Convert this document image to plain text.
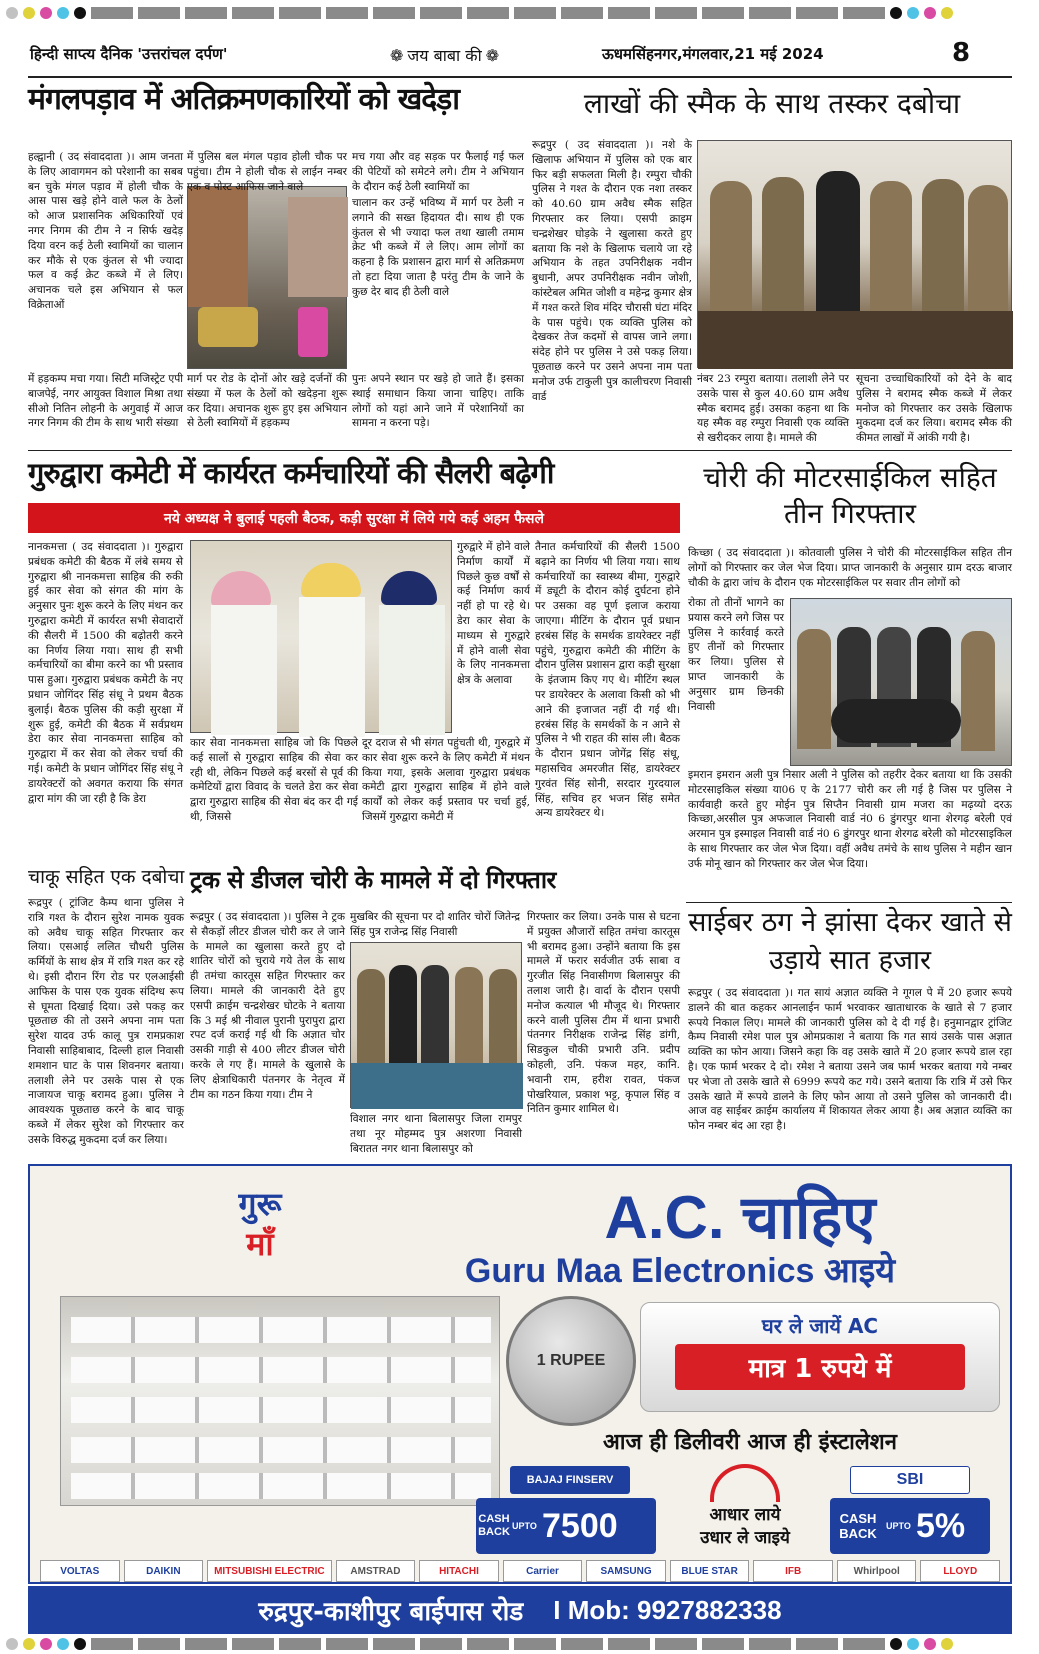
हिन्दी साप्त्य दैनिक 'उत्तरांचल दर्पण'	❁ जय बाबा की ❁	ऊधमसिंहनगर,मंगलवार,21 मई 2024	8
मंगलपड़ाव में अतिक्रमणकारियों को खदेड़ा

हल्द्वानी ( उद संवाददाता )। आम जनता के लिए आवागमन को परेशानी का सबब बन चुके मंगल पड़ाव में होली चौक के आस पास खड़े होने वाले फल के ठेलों को आज प्रशासनिक अधिकारियों एवं नगर निगम की टीम ने न सिर्फ खदेड़ दिया वरन कई ठेली स्वामियों का चालान कर मौके से एक कुंतल से भी ज्यादा फल व कई क्रेट कब्जे में ले लिए। अचानक चले इस अभियान से फल विक्रेताओं

में हड़कम्प मचा गया। सिटी मजिस्ट्रेट एपी बाजपेई, नगर आयुक्त विशाल मिश्रा तथा सीओ नितिन लोहनी के अगुवाई में आज नगर निगम की टीम के साथ भारी संख्या

में पुलिस बल मंगल पड़ाव होली चौक पर पहुंचा। टीम ने होली चौक से लाईन नम्बर एक व पोस्ट आफिस जाने वाले

मार्ग पर रोड के दोनों ओर खड़े दर्जनों की संख्या में फल के ठेलों को खदेड़ना शुरू कर दिया। अचानक शुरू हुए इस अभियान से ठेली स्वामियों में हड़कम्प

मच गया और वह सड़क पर फैलाई गई फल की पेटियों को समेटने लगे। टीम ने अभियान के दौरान कई ठेली स्वामियों का

चालान कर उन्हें भविष्य में मार्ग पर ठेली न लगाने की सख्त हिदायत दी। साथ ही एक कुंतल से भी ज्यादा फल तथा खाली तमाम क्रेट भी कब्जे में ले लिए। आम लोगों का कहना है कि प्रशासन द्वारा मार्ग से अतिक्रमण तो हटा दिया जाता है परंतु टीम के जाने के कुछ देर बाद ही ठेली वाले

पुनः अपने स्थान पर खड़े हो जाते हैं। इसका स्थाई समाधान किया जाना चाहिए। ताकि लोगों को यहां आने जाने में परेशानियों का सामना न करना पड़े।

लाखों की स्मैक के साथ तस्कर दबोचा

रूद्रपुर ( उद संवाददाता )। नशे के खिलाफ अभियान में पुलिस को एक बार फिर बड़ी सफलता मिली है। रम्पुरा चौकी पुलिस ने गश्त के दौरान एक नशा तस्कर को 40.60 ग्राम अवैध स्मैक सहित गिरफ्तार कर लिया। एसपी क्राइम चन्द्रशेखर घोड़के ने खुलासा करते हुए बताया कि नशे के खिलाफ चलाये जा रहे अभियान के तहत उपनिरीक्षक नवीन बुधानी, अपर उपनिरीक्षक नवीन जोशी, कांस्टेबल अमित जोशी व महेन्द्र कुमार क्षेत्र में गश्त करते शिव मंदिर चौरासी घंटा मंदिर के पास पहुंचे। एक व्यक्ति पुलिस को देखकर तेज कदमों से वापस जाने लगा। संदेह होने पर पुलिस ने उसे पकड़ लिया। पूछताछ करने पर उसने अपना नाम पता मनोज उर्फ टाकुली पुत्र कालीचरण निवासी वार्ड

नंबर 23 रम्पुरा बताया। तलाशी लेने पर उसके पास से कुल 40.60 ग्राम अवैध स्मैक बरामद हुई। उसका कहना था कि यह स्मैक वह रम्पुरा निवासी एक व्यक्ति से खरीदकर लाया है। मामले की

सूचना उच्चाधिकारियों को देने के बाद पुलिस ने बरामद स्मैक कब्जे में लेकर मनोज को गिरफ्तार कर उसके खिलाफ मुकदमा दर्ज कर लिया। बरामद स्मैक की कीमत लाखों में आंकी गयी है।

गुरुद्वारा कमेटी में कार्यरत कर्मचारियों की सैलरी बढ़ेगी
नये अध्यक्ष ने बुलाई पहली बैठक, कड़ी सुरक्षा में लिये गये कई अहम फैसले

नानकमत्ता ( उद संवाददाता )। गुरुद्वारा प्रबंधक कमेटी की बैठक में लंबे समय से गुरुद्वारा श्री नानकमत्ता साहिब की रुकी हुई कार सेवा को संगत की मांग के अनुसार पुनः शुरू करने के लिए मंथन कर गुरुद्वारा कमेटी में कार्यरत सभी सेवादारों की सैलरी में 1500 की बढ़ोतरी करने का निर्णय लिया गया। साथ ही सभी कर्मचारियों का बीमा करने का भी प्रस्ताव पास हुआ। गुरुद्वारा प्रबंधक कमेटी के नए प्रधान जोगिंदर सिंह संधू ने प्रथम बैठक बुलाई। बैठक पुलिस की कड़ी सुरक्षा में शुरू हुई, कमेटी की बैठक में सर्वप्रथम डेरा कार सेवा नानकमत्ता साहिब को गुरुद्वारा में कर सेवा को लेकर चर्चा की गई। कमेटी के प्रधान जोगिंदर सिंह संधू ने डायरेक्टरों को अवगत कराया कि संगत द्वारा मांग की जा रही है कि डेरा

गुरुद्वारे में होने वाले निर्माण कार्यों में पिछले कुछ वर्षों से कई निर्माण कार्य नहीं हो पा रहे थे। डेरा कार सेवा के माध्यम से गुरुद्वारे में होने वाली सेवा के लिए नानकमत्ता क्षेत्र के अलावा

कार सेवा नानकमत्ता साहिब जो कि पिछले कई सालों से गुरुद्वारा साहिब की सेवा कर रही थी, लेकिन पिछले कई बरसों से पूर्व की कमेटियों द्वारा विवाद के चलते डेरा कर सेवा द्वारा गुरुद्वारा साहिब की सेवा बंद कर दी गई थी, जिससे

दूर दराज से भी संगत पहुंचती थी, गुरुद्वारे में कार सेवा शुरू करने के लिए कमेटी में मंथन किया गया, इसके अलावा गुरुद्वारा प्रबंधक कमेटी द्वारा गुरुद्वारा साहिब में होने वाले कार्यों को लेकर कई प्रस्ताव पर चर्चा हुई, जिसमें गुरुद्वारा कमेटी में

तैनात कर्मचारियों की सैलरी 1500 बढ़ाने का निर्णय भी लिया गया। साथ कर्मचारियों का स्वास्थ्य बीमा, गुरुद्वारे में ड्यूटी के दौरान कोई दुर्घटना होने पर उसका वह पूर्ण इलाज कराया जाएगा। मीटिंग के दौरान पूर्व प्रधान हरबंस सिंह के समर्थक डायरेक्टर नहीं पहुंचे, गुरुद्वारा कमेटी की मीटिंग के दौरान पुलिस प्रशासन द्वारा कड़ी सुरक्षा के इंतजाम किए गए थे। मीटिंग स्थल पर डायरेक्टर के अलावा किसी को भी आने की इजाजत नहीं दी गई थी। हरबंस सिंह के समर्थकों के न आने से पुलिस ने भी राहत की सांस ली। बैठक के दौरान प्रधान जोगेंद्र सिंह संधू, महासचिव अमरजीत सिंह, डायरेक्टर गुरवंत सिंह सोनी, सरदार गुरदयाल सिंह, सचिव हर भजन सिंह समेत अन्य डायरेक्टर थे।

चोरी की मोटरसाईकिल सहित तीन गिरफ्तार

किच्छा ( उद संवाददाता )। कोतवाली पुलिस ने चोरी की मोटरसाईकिल सहित तीन लोगों को गिरफ्तार कर जेल भेज दिया। प्राप्त जानकारी के अनुसार ग्राम दरऊ बाजार चौकी के द्वारा जांच के दौरान एक मोटरसाईकिल पर सवार तीन लोगों को

रोका तो तीनों भागने का प्रयास करने लगे जिस पर पुलिस ने कार्रवाई करते हुए तीनों को गिरफ्तार कर लिया। पुलिस से प्राप्त जानकारी के अनुसार ग्राम छिनकी निवासी

इमरान इमरान अली पुत्र निसार अली ने पुलिस को तहरीर देकर बताया था कि उसकी मोटरसाइकिल संख्या या06 ए के 2177 चोरी कर ली गई है जिस पर पुलिस ने कार्यवाही करते हुए मोईन पुत्र सिप्तैन निवासी ग्राम मजरा का मढ़य्यो दरऊ किच्छा,अरसील पुत्र अफजाल निवासी वार्ड नं0 6 डुंगरपुर थाना शेरगढ़ बरेली एवं अरमान पुत्र इस्माइल निवासी वार्ड नं0 6 डुंगरपुर थाना शेरगढ बरेली को मोटरसाइकिल के साथ गिरफ्तार कर जेल भेज दिया। वहीं अवैध तमंचे के साथ पुलिस ने महीन खान उर्फ मोनू खान को गिरफ्तार कर जेल भेज दिया।

चाकू सहित एक दबोचा

रूद्रपुर ( ट्रांजिट कैम्प थाना पुलिस ने रात्रि गश्त के दौरान सुरेश नामक युवक को अवैध चाकू सहित गिरफ्तार कर लिया। एसआई ललित चौधरी पुलिस कर्मियों के साथ क्षेत्र में रात्रि गश्त कर रहे थे। इसी दौरान रिंग रोड पर एलआईसी आफिस के पास एक युवक संदिग्ध रूप से घूमता दिखाई दिया। उसे पकड़ कर पूछताछ की तो उसने अपना नाम पता सुरेश यादव उर्फ कालू पुत्र रामप्रकाश निवासी साहिबाबाद, दिल्ली हाल निवासी शमशान घाट के पास शिवनगर बताया। तलाशी लेने पर उसके पास से एक नाजायज चाकू बरामद हुआ। पुलिस ने आवश्यक पूछताछ करने के बाद चाकू कब्जे में लेकर सुरेश को गिरफ्तार कर उसके विरुद्ध मुकदमा दर्ज कर लिया।

ट्रक से डीजल चोरी के मामले में दो गिरफ्तार

रूद्रपुर ( उद संवाददाता )। पुलिस ने ट्रक से सैकड़ों लीटर डीजल चोरी कर ले जाने के मामले का खुलासा करते हुए दो शातिर चोरों को चुराये गये तेल के साथ ही तमंचा कारतूस सहित गिरफ्तार कर लिया। मामले की जानकारी देते हुए एसपी क्राईम चन्द्रशेखर घोटके ने बताया कि 3 मई श्री नीवाल पुरानी पुरापुरा द्वारा रपट दर्ज कराई गई थी कि अज्ञात चोर उसकी गाड़ी से 400 लीटर डीजल चोरी करके ले गए हैं। मामले के खुलासे के लिए क्षेत्राधिकारी पंतनगर के नेतृत्व में टीम का गठन किया गया। टीम ने

मुखबिर की सूचना पर दो शातिर चोरों जितेन्द्र सिंह पुत्र राजेन्द्र सिंह निवासी

विशाल नगर थाना बिलासपुर जिला रामपुर तथा नूर मोहम्मद पुत्र अशरणा निवासी बिरातत नगर थाना बिलासपुर को

गिरफ्तार कर लिया। उनके पास से घटना में प्रयुक्त औजारों सहित तमंचा कारतूस भी बरामद हुआ। उन्होंने बताया कि इस मामले में फरार सर्वजीत उर्फ साबा व गुरजीत सिंह निवासीगण बिलासपुर की तलाश जारी है। वार्दा के दौरान एसपी मनोज कत्याल भी मौजूद थे। गिरफ्तार करने वाली पुलिस टीम में थाना प्रभारी पंतनगर निरीक्षक राजेन्द्र सिंह डांगी, सिडकुल चौकी प्रभारी उनि. प्रदीप कोहली, उनि. पंकज महर, कानि. भवानी राम, हरीश रावत, पंकज पोखरियाल, प्रकाश भट्ट, कृपाल सिंह व नितिन कुमार शामिल थे।

साईबर ठग ने झांसा देकर खाते से उड़ाये सात हजार

रूद्रपुर ( उद संवाददाता )। गत सायं अज्ञात व्यक्ति ने गूगल पे में 20 हजार रूपये डालने की बात कहकर आनलाईन फार्म भरवाकर खाताधारक के खाते से 7 हजार रूपये निकाल लिए। मामले की जानकारी पुलिस को दे दी गई है। हनुमानद्वार ट्रांजिट कैम्प निवासी रमेश पाल पुत्र ओमप्रकाश ने बताया कि गत सायं उसके पास अज्ञात व्यक्ति का फोन आया। जिसने कहा कि वह उसके खाते में 20 हजार रूपये डाल रहा है। एक फार्म भरकर दे दो। रमेश ने बताया उसने जब फार्म भरकर बताया गये नम्बर पर भेजा तो उसके खाते से 6999 रूपये कट गये। उसने बताया कि रात्रि में उसे फिर उसके खाते में रूपये डालने के लिए फोन आया तो उसने पुलिस को जानकारी दी। आज वह साईबर क्राईम कार्यालय में शिकायत लेकर आया है। अब अज्ञात व्यक्ति का फोन नम्बर बंद आ रहा है।

गुरू
माँ	A.C. चाहिए
Guru Maa Electronics आइये
1 RUPEE
घर ले जायें AC
मात्र 1 रुपये में
आज ही डिलीवरी आज ही इंस्टालेशन
BAJAJ FINSERV
CASH BACK UPTO 7500	आधार लाये
उधार ले जाइये
SBI
CASH BACK	UPTO 5%
VOLTAS	DAIKIN	MITSUBISHI ELECTRIC	AMSTRAD	HITACHI	Carrier	SAMSUNG	BLUE STAR	IFB	Whirlpool	LLOYD
रुद्रपुर-काशीपुर बाईपास रोड I Mob: 9927882338
